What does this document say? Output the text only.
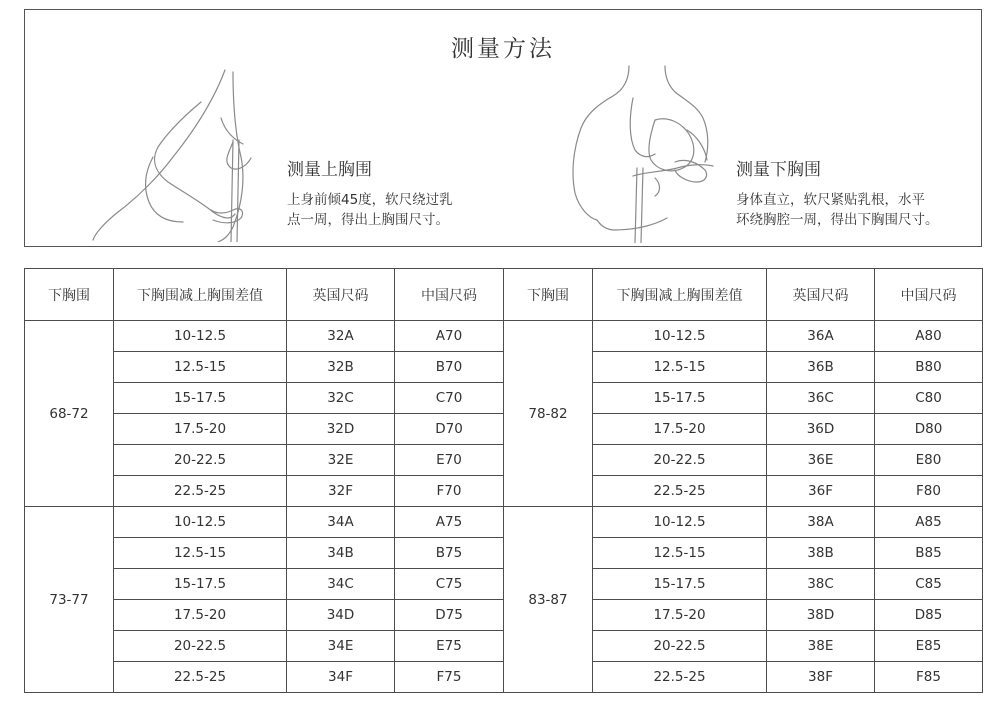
测量方法
测量上胸围
上身前倾45度，软尺绕过乳
点一周，得出上胸围尺寸。
测量下胸围
身体直立，软尺紧贴乳根，水平
环绕胸腔一周，得出下胸围尺寸。
下胸围	下胸围减上胸围差值	英国尺码	中国尺码	下胸围	下胸围减上胸围差值	英国尺码	中国尺码
68-72	10-12.5	32A	A70	78-82	10-12.5	36A	A80
	12.5-15	32B	B70		12.5-15	36B	B80
	15-17.5	32C	C70		15-17.5	36C	C80
	17.5-20	32D	D70		17.5-20	36D	D80
	20-22.5	32E	E70		20-22.5	36E	E80
	22.5-25	32F	F70		22.5-25	36F	F80
73-77	10-12.5	34A	A75	83-87	10-12.5	38A	A85
	12.5-15	34B	B75		12.5-15	38B	B85
	15-17.5	34C	C75		15-17.5	38C	C85
	17.5-20	34D	D75		17.5-20	38D	D85
	20-22.5	34E	E75		20-22.5	38E	E85
	22.5-25	34F	F75		22.5-25	38F	F85
